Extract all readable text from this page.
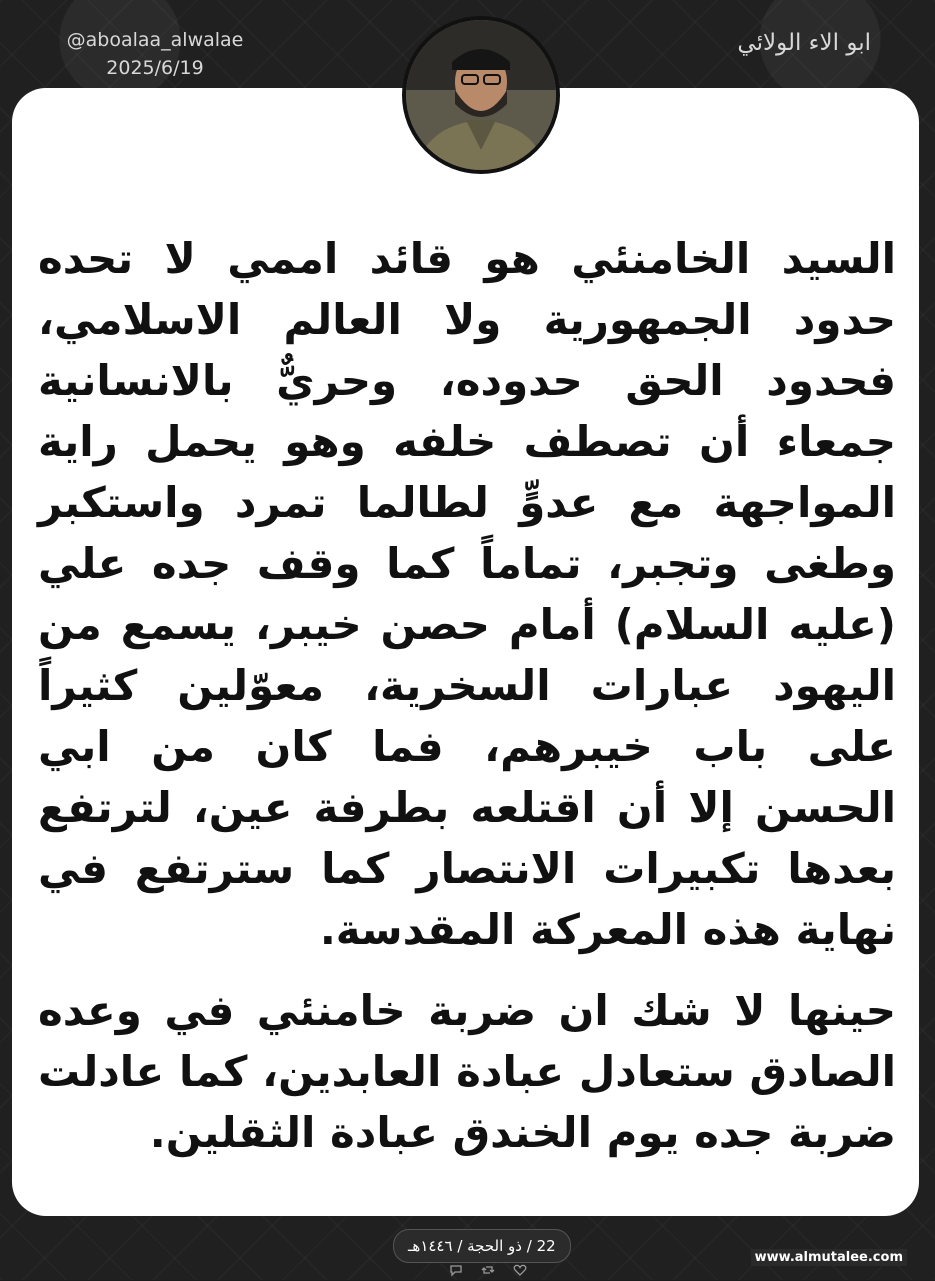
@aboalaa_alwalae
2025/6/19
ابو الاء الولائي

السيد الخامنئي هو قائد اممي لا تحده حدود الجمهورية ولا العالم الاسلامي، فحدود الحق حدوده، وحريٌّ بالانسانية جمعاء أن تصطف خلفه وهو يحمل راية المواجهة مع عدوٍّ لطالما تمرد واستكبر وطغى وتجبر، تماماً كما وقف جده علي (عليه السلام) أمام حصن خيبر، يسمع من اليهود عبارات السخرية، معوّلين كثيراً على باب خيبرهم، فما كان من ابي الحسن إلا أن اقتلعه بطرفة عين، لترتفع بعدها تكبيرات الانتصار كما سترتفع في نهاية هذه المعركة المقدسة.

حينها لا شك ان ضربة خامنئي في وعده الصادق ستعادل عبادة العابدين، كما عادلت ضربة جده يوم الخندق عبادة الثقلين.

22 / ذو الحجة / ١٤٤٦هـ
www.almutalee.com
